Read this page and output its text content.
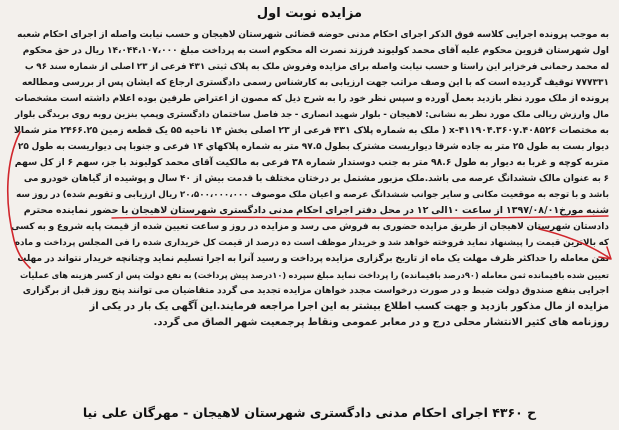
مزایده نوبت اول
به موجب پرونده اجرایی کلاسه فوق الذکر اجرای احکام مدنی حوضه قضائی شهرستان لاهیجان و حسب نیابت واصله از اجرای احکام شعبه
اول شهرستان قزوین محکوم علیه آقای محمد کولیوند فرزند نصرت اله محکوم است به پرداخت مبلغ ۱۴،۰۴۴،۱۰۷،۰۰۰ ریال در حق محکوم
له محمد رحمانی فرخزایر این راستا و حسب نیابت واصله برای مزایده وفروش ملک به پلاک ثبتی ۴۳۱ فرعی از ۲۳ اصلی از شماره سند ۹۶ ب
۷۷۷۳۳۱ توقیف گردیده است که با این وصف مراتب جهت ارزیابی به کارشناس رسمی دادگستری ارجاع که ایشان پس از بررسی ومطالعه
پرونده از ملک مورد نظر بازدید بعمل آورده و سپس نظر خود را به شرح ذیل که مصون از اعتراض طرفین بوده اعلام داشته است مشخصات
مال وارزش ریالی ملک مورد نظر به نشانی: لاهیجان - بلوار شهید انصاری - جد فاصل ساختمان دادگستری وپمپ بنزین روبه روی بریدگی بلوار
به مختصات ۴۰۸۵۲۶.x-۴۱۱۹۰۴.۳۶۰y ( ملک به شماره پلاک ۴۳۱ فرعی از ۲۳ اصلی بخش ۱۴ ناحیه ۵۵ یک قطعه زمین ۲۴۶۶.۲۵ متر شمالا
دیوار بست به طول ۲۵ متر به جاده شرقا دیواریست مشترک بطول ۹۷.۵ متر به شماره پلاکهاي ۱۴ فرعی و جنوبا پی دیواریست به طول ۲۵
متربه کوچه و غربا به دیوار به طول ۹۸.۶ متر به جنب دوستدار شماره ۳۸ فرعی به مالکیت آقای محمد کولیوند با جز، سهم ۶ از کل سهم
۶ به عنوان مالک ششدانگ عرصه می باشد.ملک مزبور مشتمل بر درختان مختلف با قدمت بیش از ۴۰ سال و پوشیده از گیاهان خودرو می
باشد و با توجه به موقعیت مکانی و سایر جوانب ششدانگ عرصه و اعیان ملک موصوف ۲۰،۵۰۰،۰۰۰،۰۰۰ ریال ارزیابی و تقویم شده) در روز سه
شنبه مورخ۱۳۹۷/۰۸/۰۱ از ساعت ۱۰الی ۱۲ در محل دفتر اجرای احکام مدنی دادگستری شهرستان لاهیجان با حضور نماینده محترم
دادستان شهرستان لاهیجان از طریق مزایده حضوری به فروش می رسد و مزایده در روز و ساعت تعیین شده از قیمت پایه شروع و به کسی
که بالاترین قیمت را پیشنهاد نماید فروخته خواهد شد و خریدار موظف است ده درصد از قیمت کل خریداری شده را فی المجلس پرداخت و ماده
ثمن معامله را حداکثر ظرف مهلت یک ماه از تاریخ برگزاری مزایده پرداخت و رسید آنرا به اجرا تسلیم نماید وچنانچه خریدار نتواند در مهلت
تعیین شده باقیمانده ثمن معامله (۹۰درصد باقیمانده) را پرداخت نماید مبلغ سپرده (۱۰درصد پیش پرداخت) به نفع دولت پس از کسر هزینه های عملیات
اجرایی بنفع صندوق دولت ضبط و در صورت درخواست مجدد خواهان مزایده تجدید می گردد متقاضیان می توانند پنج روز قبل از برگزاری
مزایده از مال مذکور بازدید و جهت کسب اطلاع بیشتر به این اجرا مراجعه فرمایند.این آگهی یک بار در یکی از
روزنامه های کثیر الانتشار محلی درج و در معابر عمومی ونقاط پرجمعیت شهر الصاق می گردد.
ح ۴۳۶۰ اجرای احکام مدنی دادگستری شهرستان لاهیجان - مهرگان علی نیا
